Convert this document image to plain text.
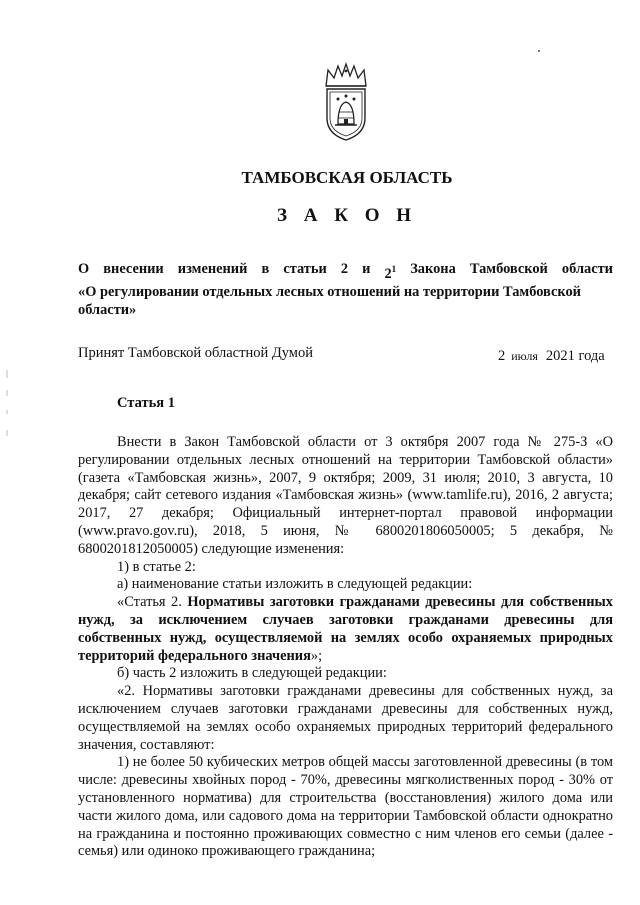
ТАМБОВСКАЯ ОБЛАСТЬ
З А К О Н
О внесении изменений в статьи 2 и $2^1$ Закона Тамбовской области
«О регулировании отдельных лесных отношений на территории Тамбовской
области»
Принят Тамбовской областной Думой	2 июля 2021 года
Статья 1

Внести в Закон Тамбовской области от 3 октября 2007 года № 275-З «О регулировании отдельных лесных отношений на территории Тамбовской области» (газета «Тамбовская жизнь», 2007, 9 октября; 2009, 31 июля; 2010, 3 августа, 10 декабря; сайт сетевого издания «Тамбовская жизнь» (www.tamlife.ru), 2016, 2 августа; 2017, 27 декабря; Официальный интернет-портал правовой информации (www.pravo.gov.ru), 2018, 5 июня, № 6800201806050005; 5 декабря, № 6800201812050005) следующие изменения:

1) в статье 2:

а) наименование статьи изложить в следующей редакции:

«Статья 2. Нормативы заготовки гражданами древесины для собственных нужд, за исключением случаев заготовки гражданами древесины для собственных нужд, осуществляемой на землях особо охраняемых природных территорий федерального значения»;

б) часть 2 изложить в следующей редакции:

«2. Нормативы заготовки гражданами древесины для собственных нужд, за исключением случаев заготовки гражданами древесины для собственных нужд, осуществляемой на землях особо охраняемых природных территорий федерального значения, составляют:

1) не более 50 кубических метров общей массы заготовленной древесины (в том числе: древесины хвойных пород - 70%, древесины мягколиственных пород - 30% от установленного норматива) для строительства (восстановления) жилого дома или части жилого дома, или садового дома на территории Тамбовской области однократно на гражданина и постоянно проживающих совместно с ним членов его семьи (далее - семья) или одиноко проживающего гражданина;
